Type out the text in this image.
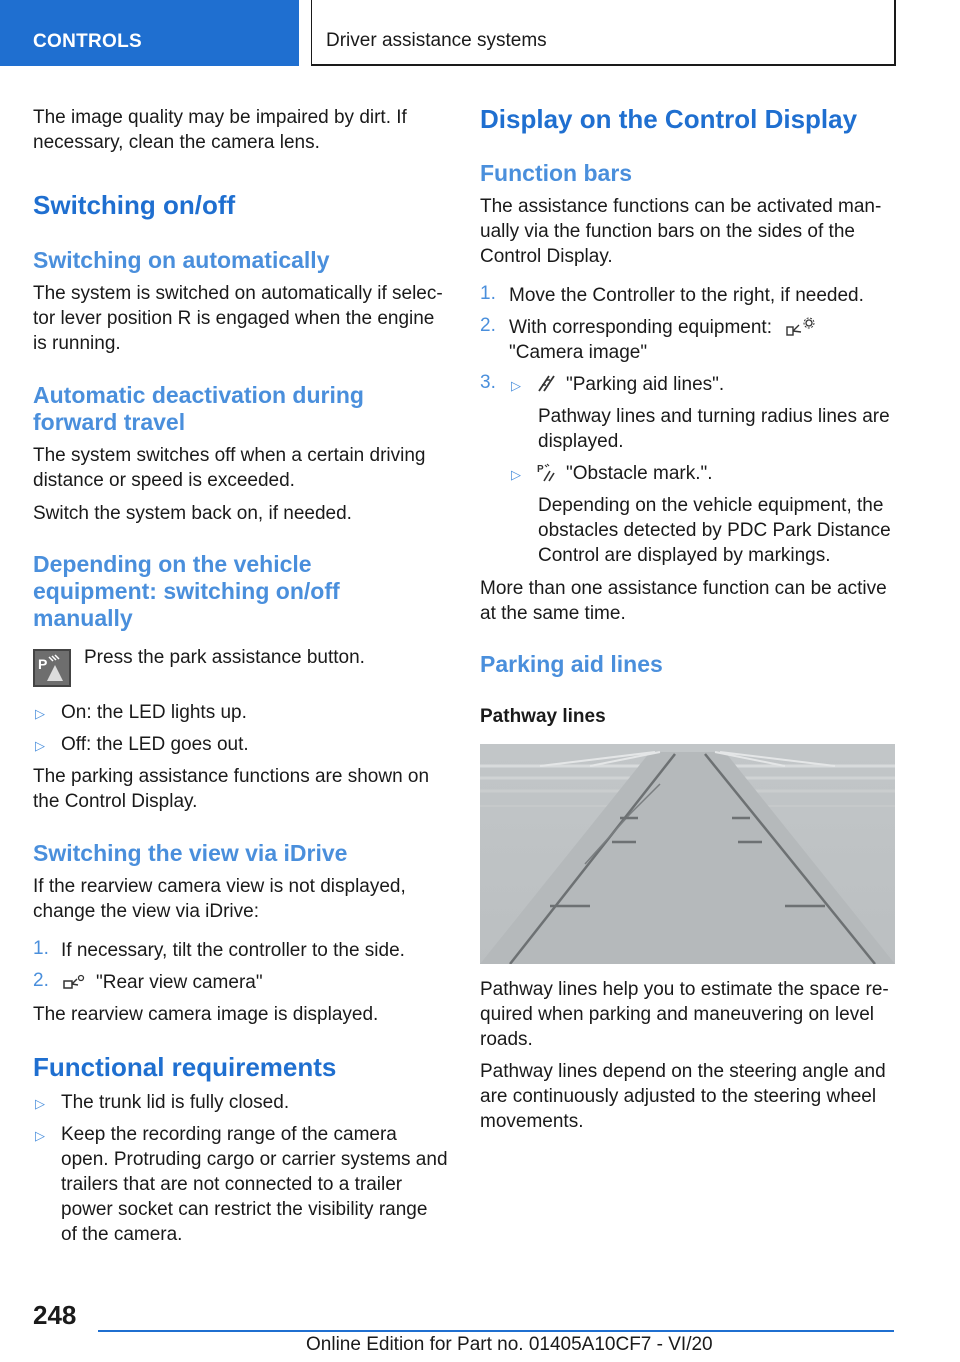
CONTROLS	Driver assistance systems
The image quality may be impaired by dirt. If
necessary, clean the camera lens.
Switching on/off
Switching on automatically
The system is switched on automatically if selec‐
tor lever position R is engaged when the engine
is running.
Automatic deactivation during
forward travel
The system switches off when a certain driving
distance or speed is exceeded.
Switch the system back on, if needed.
Depending on the vehicle
equipment: switching on/off
manually
P Press the park assistance button.
▷ On: the LED lights up.
▷ Off: the LED goes out.
The parking assistance functions are shown on
the Control Display.
Switching the view via iDrive
If the rearview camera view is not displayed,
change the view via iDrive:
1. If necessary, tilt the controller to the side.
2. "Rear view camera"
The rearview camera image is displayed.
Functional requirements
▷ The trunk lid is fully closed.
▷ Keep the recording range of the camera
open. Protruding cargo or carrier systems and
trailers that are not connected to a trailer
power socket can restrict the visibility range
of the camera.
Display on the Control Display
Function bars
The assistance functions can be activated man‐
ually via the function bars on the sides of the
Control Display.
1. Move the Controller to the right, if needed.
2. With corresponding equipment:
"Camera image"
3. ▷ "Parking aid lines".
Pathway lines and turning radius lines are
displayed.
▷ P "Obstacle mark.".
Depending on the vehicle equipment, the
obstacles detected by PDC Park Distance
Control are displayed by markings.
More than one assistance function can be active
at the same time.
Parking aid lines
Pathway lines
Pathway lines help you to estimate the space re‐
quired when parking and maneuvering on level
roads.
Pathway lines depend on the steering angle and
are continuously adjusted to the steering wheel
movements.
248
Online Edition for Part no. 01405A10CF7 - VI/20
